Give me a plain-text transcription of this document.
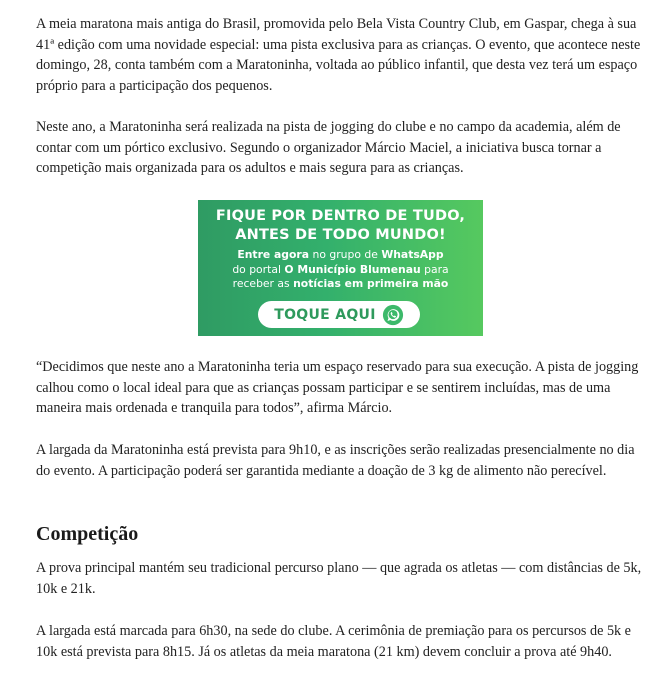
A meia maratona mais antiga do Brasil, promovida pelo Bela Vista Country Club, em Gaspar, chega à sua 41ª edição com uma novidade especial: uma pista exclusiva para as crianças. O evento, que acontece neste domingo, 28, conta também com a Maratoninha, voltada ao público infantil, que desta vez terá um espaço próprio para a participação dos pequenos.

Neste ano, a Maratoninha será realizada na pista de jogging do clube e no campo da academia, além de contar com um pórtico exclusivo. Segundo o organizador Márcio Maciel, a iniciativa busca tornar a competição mais organizada para os adultos e mais segura para as crianças.

FIQUE POR DENTRO DE TUDO,
ANTES DE TODO MUNDO!
Entre agora no grupo de WhatsApp
do portal O Município Blumenau para
receber as notícias em primeira mão
TOQUE AQUI

“Decidimos que neste ano a Maratoninha teria um espaço reservado para sua execução. A pista de jogging calhou como o local ideal para que as crianças possam participar e se sentirem incluídas, mas de uma maneira mais ordenada e tranquila para todos”, afirma Márcio.

A largada da Maratoninha está prevista para 9h10, e as inscrições serão realizadas presencialmente no dia do evento. A participação poderá ser garantida mediante a doação de 3 kg de alimento não perecível.

Competição

A prova principal mantém seu tradicional percurso plano — que agrada os atletas — com distâncias de 5k, 10k e 21k.

A largada está marcada para 6h30, na sede do clube. A cerimônia de premiação para os percursos de 5k e 10k está prevista para 8h15. Já os atletas da meia maratona (21 km) devem concluir a prova até 9h40.
